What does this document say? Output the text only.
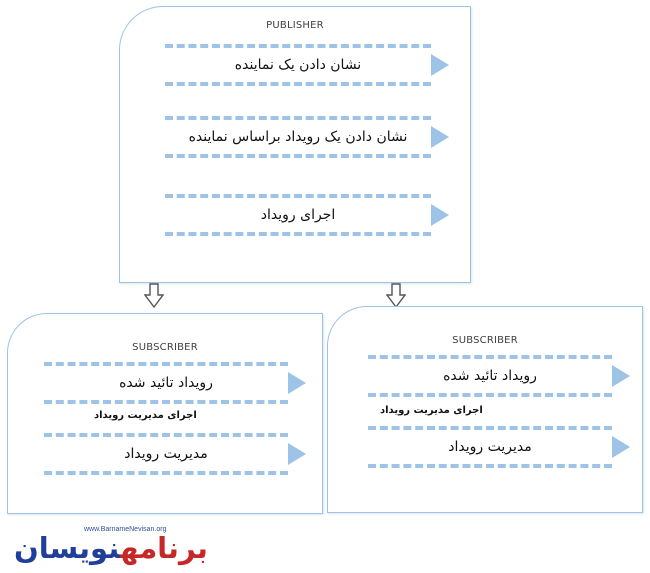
PUBLISHER
نشان دادن یک نماینده
نشان دادن یک رویداد براساس نماینده
اجرای رویداد
SUBSCRIBER
رویداد تائید شده
اجرای مدیریت رویداد
مدیریت رویداد
SUBSCRIBER
رویداد تائید شده
اجرای مدیریت رویداد
مدیریت رویداد
www.BarnameNevisan.org
برنامهنویسان
